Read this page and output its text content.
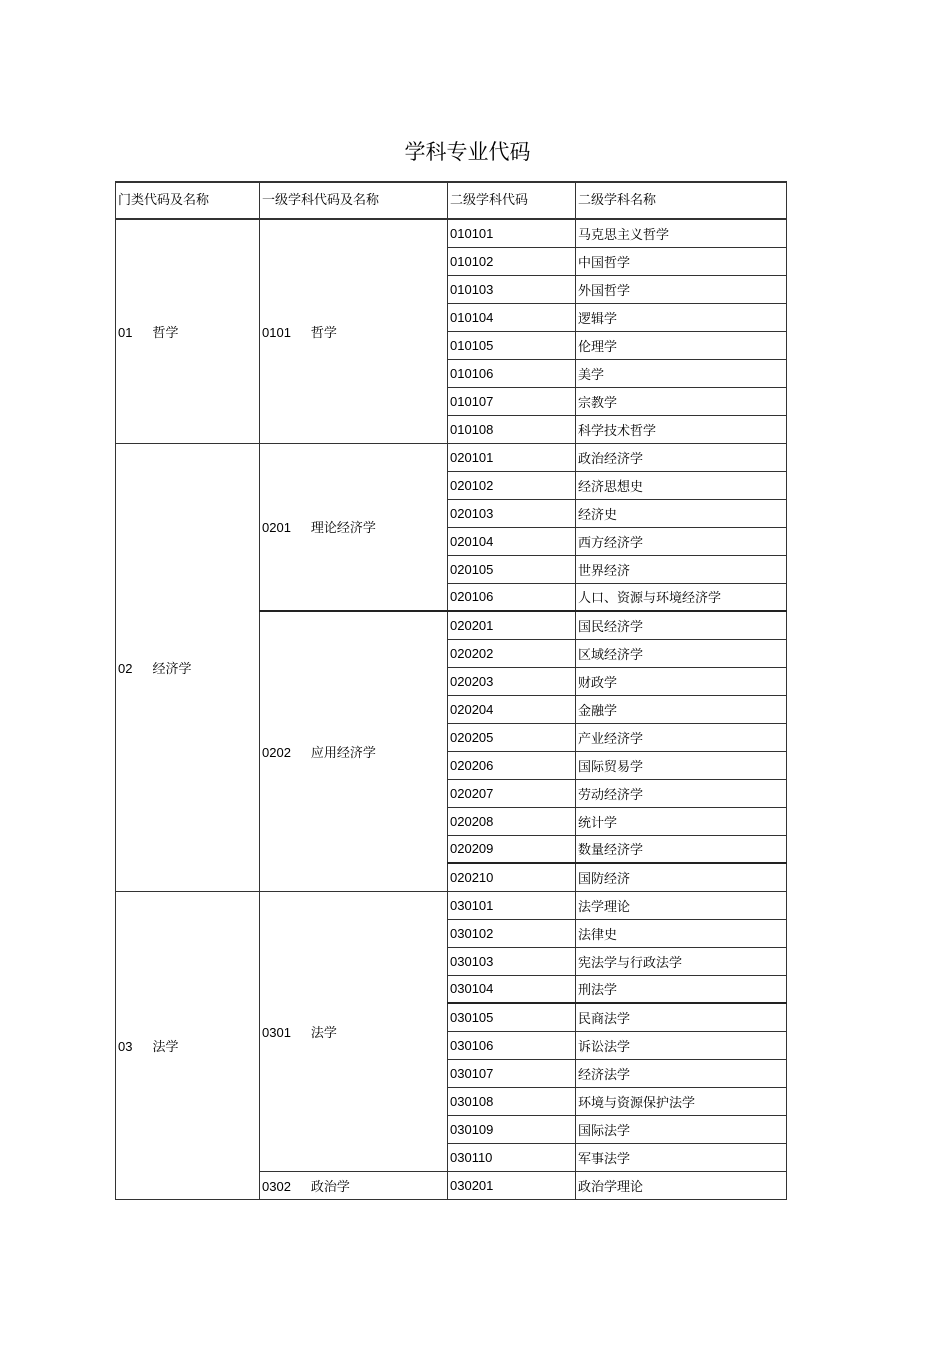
学科专业代码
门类代码及名称	一级学科代码及名称	二级学科代码	二级学科名称
01 哲学	0101 哲学	010101	马克思主义哲学
		010102	中国哲学
		010103	外国哲学
		010104	逻辑学
		010105	伦理学
		010106	美学
		010107	宗教学
		010108	科学技术哲学
02 经济学	0201 理论经济学	020101	政治经济学
		020102	经济思想史
		020103	经济史
		020104	西方经济学
		020105	世界经济
		020106	人口、资源与环境经济学
	0202 应用经济学	020201	国民经济学
		020202	区域经济学
		020203	财政学
		020204	金融学
		020205	产业经济学
		020206	国际贸易学
		020207	劳动经济学
		020208	统计学
		020209	数量经济学
		020210	国防经济
03 法学	0301 法学	030101	法学理论
		030102	法律史
		030103	宪法学与行政法学
		030104	刑法学
		030105	民商法学
		030106	诉讼法学
		030107	经济法学
		030108	环境与资源保护法学
		030109	国际法学
		030110	军事法学
	0302 政治学	030201	政治学理论
